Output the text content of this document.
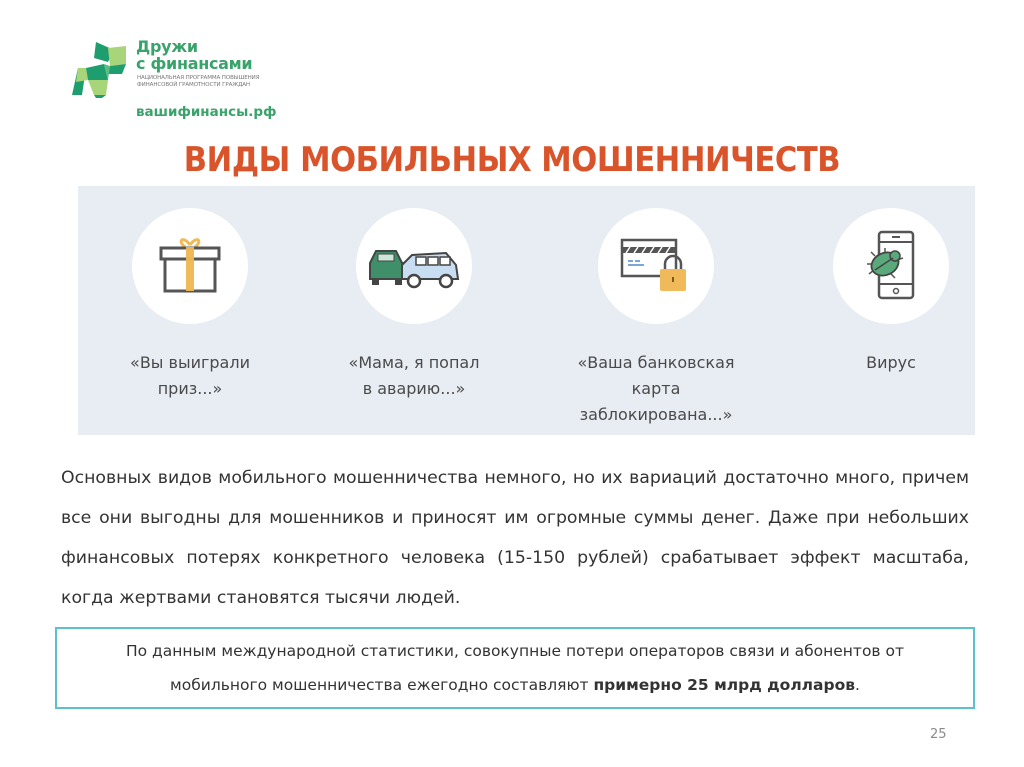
Дружи
с финансами
НАЦИОНАЛЬНАЯ ПРОГРАММА ПОВЫШЕНИЯ
ФИНАНСОВОЙ ГРАМОТНОСТИ ГРАЖДАН
вашифинансы.рф
ВИДЫ МОБИЛЬНЫХ МОШЕННИЧЕСТВ
«Вы выиграли
приз...»
«Мама, я попал
в аварию...»
«Ваша банковская
карта
заблокирована...»
Вирус

Основных видов мобильного мошенничества немного, но их вариаций достаточно много, причем все они выгодны для мошенников и приносят им огромные суммы денег. Даже при небольших финансовых потерях конкретного человека (15-150 рублей) срабатывает эффект масштаба, когда жертвами становятся тысячи людей.

По данным международной статистики, совокупные потери операторов связи и абонентов от мобильного мошенничества ежегодно составляют примерно 25 млрд долларов.

25
